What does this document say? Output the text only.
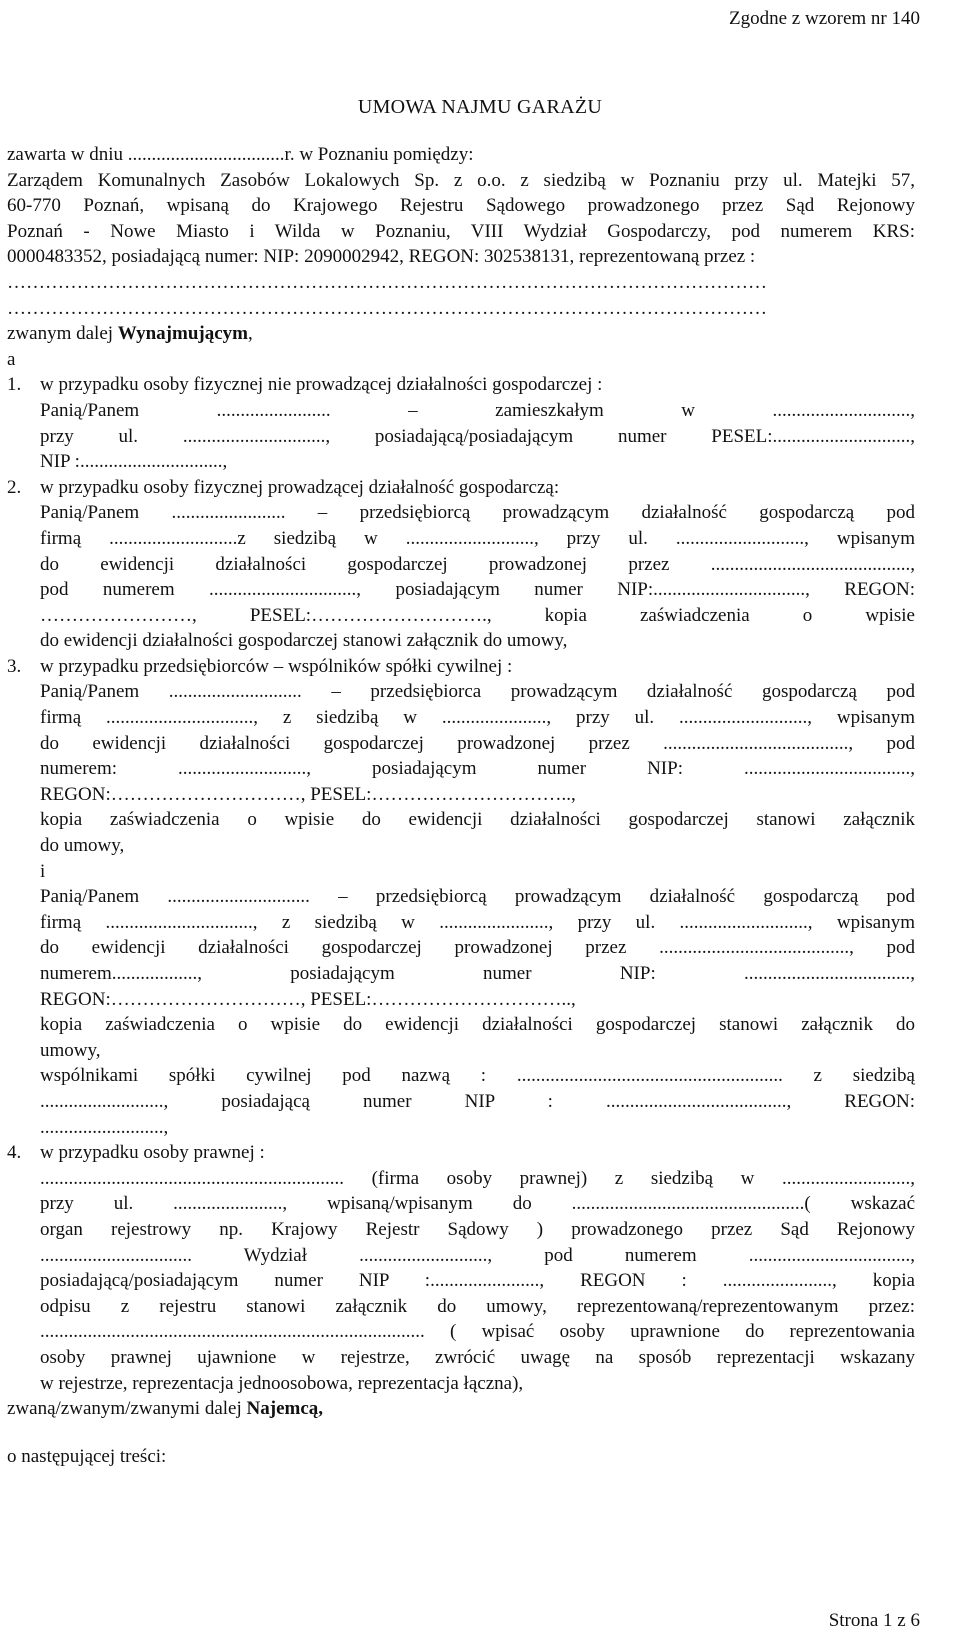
Zgodne z wzorem nr 140
UMOWA NAJMU GARAŻU
zawarta w dniu .................................r. w Poznaniu pomiędzy:
Zarządem Komunalnych Zasobów Lokalowych Sp. z o.o. z siedzibą w Poznaniu przy ul. Matejki 57,
60-770 Poznań, wpisaną do Krajowego Rejestru Sądowego prowadzonego przez Sąd Rejonowy
Poznań - Nowe Miasto i Wilda w Poznaniu, VIII Wydział Gospodarczy, pod numerem KRS:
0000483352, posiadającą numer: NIP: 2090002942, REGON: 302538131, reprezentowaną przez :
…………………………………………………………………………………………………………
…………………………………………………………………………………………………………
zwanym dalej Wynajmującym,
a
1. w przypadku osoby fizycznej nie prowadzącej działalności gospodarczej :
Panią/Panem ........................ – zamieszkałym w .............................,
przy ul. .............................., posiadającą/posiadającym numer PESEL:.............................,
NIP :..............................,
2. w przypadku osoby fizycznej prowadzącej działalność gospodarczą:
Panią/Panem ........................ – przedsiębiorcą prowadzącym działalność gospodarczą pod
firmą ...........................z siedzibą w ..........................., przy ul. ..........................., wpisanym
do ewidencji działalności gospodarczej prowadzonej przez ..........................................,
pod numerem ..............................., posiadającym numer NIP:................................, REGON:
……………………, PESEL:………………………., kopia zaświadczenia o wpisie
do ewidencji działalności gospodarczej stanowi załącznik do umowy,
3. w przypadku przedsiębiorców – wspólników spółki cywilnej :
Panią/Panem ............................ – przedsiębiorca prowadzącym działalność gospodarczą pod
firmą ..............................., z siedzibą w ......................, przy ul. ..........................., wpisanym
do ewidencji działalności gospodarczej prowadzonej przez ......................................., pod
numerem: ..........................., posiadającym numer NIP: ...................................,
REGON:…………………………, PESEL:…………………………..,
kopia zaświadczenia o wpisie do ewidencji działalności gospodarczej stanowi załącznik
do umowy,
i
Panią/Panem .............................. – przedsiębiorcą prowadzącym działalność gospodarczą pod
firmą ..............................., z siedzibą w ......................., przy ul. ..........................., wpisanym
do ewidencji działalności gospodarczej prowadzonej przez ........................................, pod
numerem.................., posiadającym numer NIP: ...................................,
REGON:…………………………, PESEL:…………………………..,
kopia zaświadczenia o wpisie do ewidencji działalności gospodarczej stanowi załącznik do
umowy,
wspólnikami spółki cywilnej pod nazwą : ........................................................ z siedzibą
.........................., posiadającą numer NIP : ......................................, REGON:
..........................,
4. w przypadku osoby prawnej :
................................................................ (firma osoby prawnej) z siedzibą w ...........................,
przy ul. ......................., wpisaną/wpisanym do .................................................( wskazać
organ rejestrowy np. Krajowy Rejestr Sądowy ) prowadzonego przez Sąd Rejonowy
................................ Wydział ..........................., pod numerem ..................................,
posiadającą/posiadającym numer NIP :......................., REGON : ......................., kopia
odpisu z rejestru stanowi załącznik do umowy, reprezentowaną/reprezentowanym przez:
................................................................................. ( wpisać osoby uprawnione do reprezentowania
osoby prawnej ujawnione w rejestrze, zwrócić uwagę na sposób reprezentacji wskazany
w rejestrze, reprezentacja jednoosobowa, reprezentacja łączna),
zwaną/zwanym/zwanymi dalej Najemcą,
o następującej treści:
Strona 1 z 6
